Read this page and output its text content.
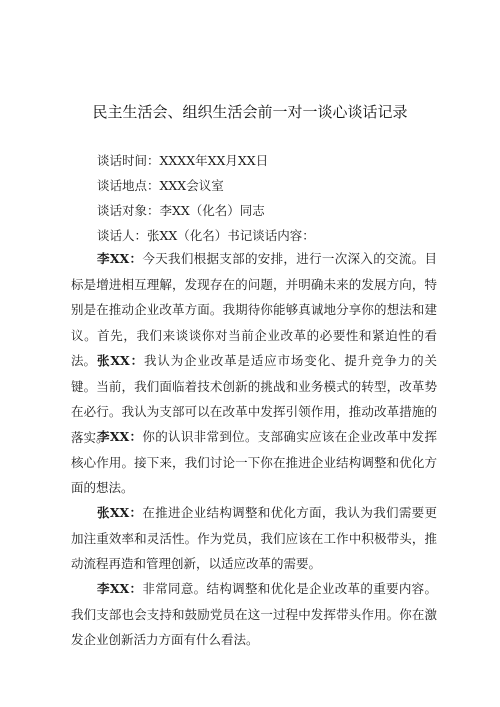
民主生活会、组织生活会前一对一谈心谈话记录
谈话时间：XXXX年XX月XX日
谈话地点：XXX会议室
谈话对象：李XX（化名）同志
谈话人：张XX（化名）书记谈话内容：

李XX：今天我们根据支部的安排，进行一次深入的交流。目标是增进相互理解，发现存在的问题，并明确未来的发展方向，特别是在推动企业改革方面。我期待你能够真诚地分享你的想法和建议。首先，我们来谈谈你对当前企业改革的必要性和紧迫性的看法。 张XX：我认为企业改革是适应市场变化、提升竞争力的关键。当前，我们面临着技术创新的挑战和业务模式的转型，改革势在必行。我认为支部可以在改革中发挥引领作用，推动改革措施的落实。

李XX：你的认识非常到位。支部确实应该在企业改革中发挥核心作用。接下来，我们讨论一下你在推进企业结构调整和优化方面的想法。

张XX：在推进企业结构调整和优化方面，我认为我们需要更加注重效率和灵活性。作为党员，我们应该在工作中积极带头，推动流程再造和管理创新，以适应改革的需要。

李XX：非常同意。结构调整和优化是企业改革的重要内容。我们支部也会支持和鼓励党员在这一过程中发挥带头作用。你在激发企业创新活力方面有什么看法。
